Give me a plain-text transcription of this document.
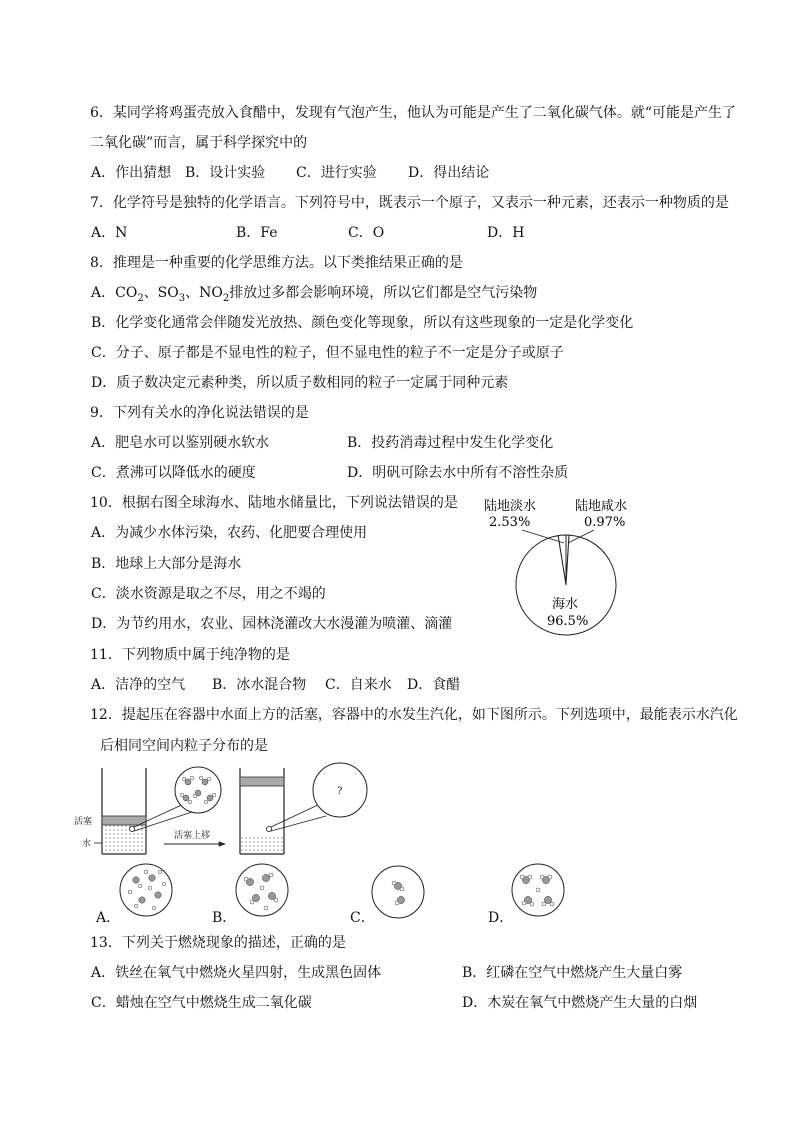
6．某同学将鸡蛋壳放入食醋中，发现有气泡产生，他认为可能是产生了二氧化碳气体。就“可能是产生了
二氧化碳”而言，属于科学探究中的
A．作出猜想 B．设计实验 C．进行实验 D．得出结论
7．化学符号是独特的化学语言。下列符号中，既表示一个原子，又表示一种元素，还表示一种物质的是
A．N	B．Fe	C．O	D．H
8．推理是一种重要的化学思维方法。以下类推结果正确的是
A．$CO_2$、$SO_3$、$NO_2$排放过多都会影响环境，所以它们都是空气污染物
B．化学变化通常会伴随发光放热、颜色变化等现象，所以有这些现象的一定是化学变化
C．分子、原子都是不显电性的粒子，但不显电性的粒子不一定是分子或原子
D．质子数决定元素种类，所以质子数相同的粒子一定属于同种元素
9．下列有关水的净化说法错误的是
A．肥皂水可以鉴别硬水软水	B．投药消毒过程中发生化学变化
C．煮沸可以降低水的硬度	D．明矾可除去水中所有不溶性杂质
10．根据右图全球海水、陆地水储量比，下列说法错误的是
A．为减少水体污染，农药、化肥要合理使用
B．地球上大部分是海水
C．淡水资源是取之不尽，用之不竭的
D．为节约用水，农业、园林浇灌改大水漫灌为喷灌、滴灌
陆地淡水
2.53%
陆地咸水
0.97%
海水
96.5%
11．下列物质中属于纯净物的是
A．洁净的空气 B．冰水混合物 C．自来水 D．食醋
12．提起压在容器中水面上方的活塞，容器中的水发生汽化，如下图所示。下列选项中，最能表示水汽化
后相同空间内粒子分布的是
活塞
水
活塞上移
?
A．	B．	C．	D．
13．下列关于燃烧现象的描述，正确的是
A．铁丝在氧气中燃烧火星四射，生成黑色固体	B．红磷在空气中燃烧产生大量白雾
C．蜡烛在空气中燃烧生成二氧化碳	D．木炭在氧气中燃烧产生大量的白烟
